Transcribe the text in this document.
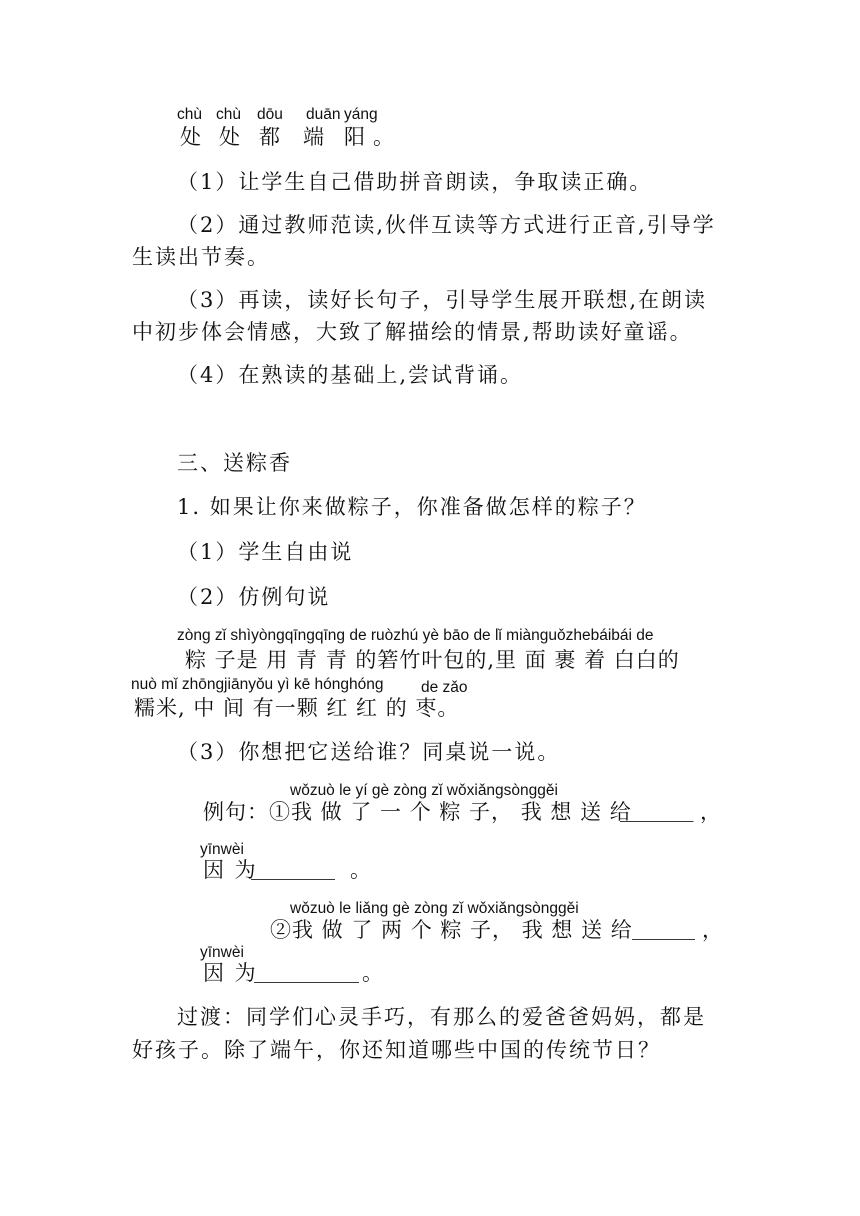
chù chù dōu duān yáng
处 处 都 端 阳 。
（1）让学生自己借助拼音朗读，争取读正确。
（2）通过教师范读,伙伴互读等方式进行正音,引导学
生读出节奏。
（3）再读，读好长句子，引导学生展开联想,在朗读
中初步体会情感，大致了解描绘的情景,帮助读好童谣。
（4）在熟读的基础上,尝试背诵。
三、送粽香
1. 如果让你来做粽子，你准备做怎样的粽子？
（1）学生自由说
（2）仿例句说
zòng zǐ shìyòngqīngqīng de ruòzhú yè bāo de lǐ miànguǒzhebáibái de
粽 子是 用 青 青 的箬竹叶包的,里 面 裹 着 白白的
nuò mǐ zhōngjiānyǒu yì kē hónghóng de zǎo
糯米, 中 间 有一颗 红 红 的 枣。
（3）你想把它送给谁？同桌说一说。
wǒzuò le yí gè zòng zǐ wǒxiǎngsònggěi
例句：①我 做 了 一 个 粽 子， 我 想 送 给
_______ ，
yīnwèi
因 为
________ 。
wǒzuò le liǎng gè zòng zǐ wǒxiǎngsònggěi
②我 做 了 两 个 粽 子， 我 想 送 给 ______ ，
yīnwèi
因 为
__________ 。
过渡：同学们心灵手巧，有那么的爱爸爸妈妈，都是
好孩子。除了端午，你还知道哪些中国的传统节日？
